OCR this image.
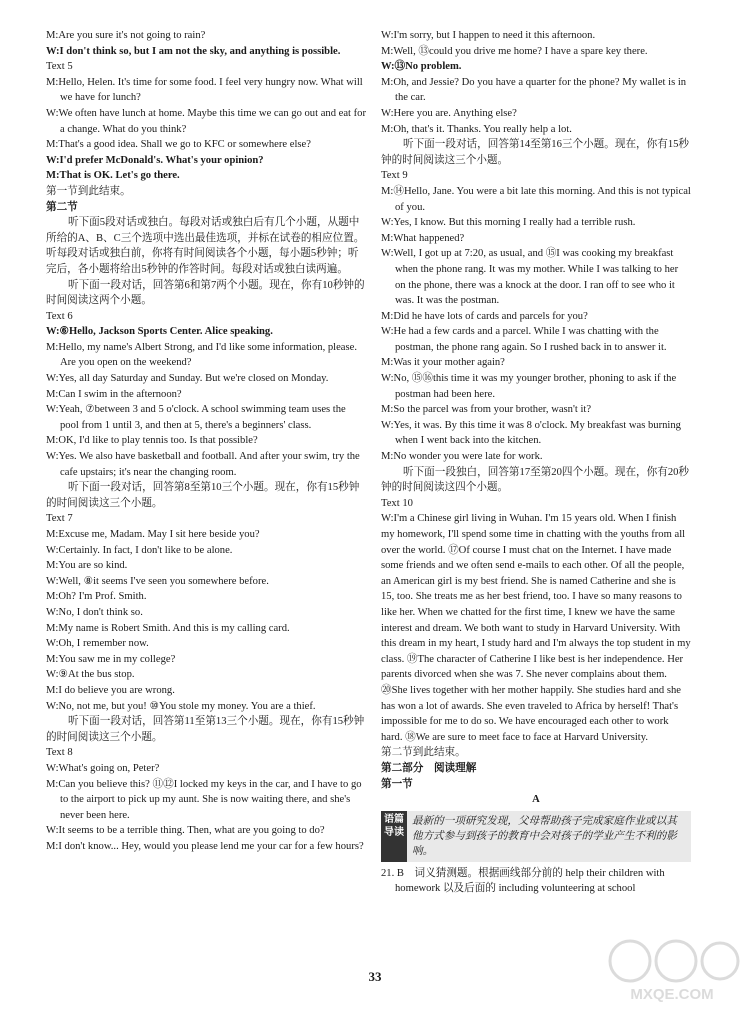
M:Are you sure it's not going to rain?
W:I don't think so, but I am not the sky, and anything is possible.
Text 5
M:Hello, Helen. It's time for some food. I feel very hungry now. What will we have for lunch?
W:We often have lunch at home. Maybe this time we can go out and eat for a change. What do you think?
M:That's a good idea. Shall we go to KFC or somewhere else?
W:I'd prefer McDonald's. What's your opinion?
M:That is OK. Let's go there.
第一节到此结束。
第二节
听下面5段对话或独白。每段对话或独白后有几个小题，从题中所给的A、B、C三个选项中选出最佳选项，并标在试卷的相应位置。听每段对话或独白前，你将有时间阅读各个小题，每小题5秒钟；听完后，各小题将给出5秒钟的作答时间。每段对话或独白读两遍。
听下面一段对话，回答第6和第7两个小题。现在，你有10秒钟的时间阅读这两个小题。
Text 6
W:⑥Hello, Jackson Sports Center. Alice speaking.
M:Hello, my name's Albert Strong, and I'd like some information, please. Are you open on the weekend?
W:Yes, all day Saturday and Sunday. But we're closed on Monday.
M:Can I swim in the afternoon?
W:Yeah, ⑦between 3 and 5 o'clock. A school swimming team uses the pool from 1 until 3, and then at 5, there's a beginners' class.
M:OK, I'd like to play tennis too. Is that possible?
W:Yes. We also have basketball and football. And after your swim, try the cafe upstairs; it's near the changing room.
听下面一段对话，回答第8至第10三个小题。现在，你有15秒钟的时间阅读这三个小题。
Text 7
M:Excuse me, Madam. May I sit here beside you?
W:Certainly. In fact, I don't like to be alone.
M:You are so kind.
W:Well, ⑧it seems I've seen you somewhere before.
M:Oh? I'm Prof. Smith.
W:No, I don't think so.
M:My name is Robert Smith. And this is my calling card.
W:Oh, I remember now.
M:You saw me in my college?
W:⑨At the bus stop.
M:I do believe you are wrong.
W:No, not me, but you! ⑩You stole my money. You are a thief.
听下面一段对话，回答第11至第13三个小题。现在，你有15秒钟的时间阅读这三个小题。
Text 8
W:What's going on, Peter?
M:Can you believe this? ⑪⑫I locked my keys in the car, and I have to go to the airport to pick up my aunt. She is now waiting there, and she's never been here.
W:It seems to be a terrible thing. Then, what are you going to do?
M:I don't know... Hey, would you please lend me your car for a few hours?
W:I'm sorry, but I happen to need it this afternoon.
M:Well, ⑬could you drive me home? I have a spare key there.
W:⑬No problem.
M:Oh, and Jessie? Do you have a quarter for the phone? My wallet is in the car.
W:Here you are. Anything else?
M:Oh, that's it. Thanks. You really help a lot.
听下面一段对话，回答第14至第16三个小题。现在，你有15秒钟的时间阅读这三个小题。
Text 9
M:⑭Hello, Jane. You were a bit late this morning. And this is not typical of you.
W:Yes, I know. But this morning I really had a terrible rush.
M:What happened?
W:Well, I got up at 7:20, as usual, and ⑮I was cooking my breakfast when the phone rang. It was my mother. While I was talking to her on the phone, there was a knock at the door. I ran off to see who it was. It was the postman.
M:Did he have lots of cards and parcels for you?
W:He had a few cards and a parcel. While I was chatting with the postman, the phone rang again. So I rushed back in to answer it.
M:Was it your mother again?
W:No, ⑮⑯this time it was my younger brother, phoning to ask if the postman had been here.
M:So the parcel was from your brother, wasn't it?
W:Yes, it was. By this time it was 8 o'clock. My breakfast was burning when I went back into the kitchen.
M:No wonder you were late for work.
听下面一段独白，回答第17至第20四个小题。现在，你有20秒钟的时间阅读这四个小题。
Text 10
W:I'm a Chinese girl living in Wuhan. I'm 15 years old. When I finish my homework, I'll spend some time in chatting with the youths from all over the world. ⑰Of course I must chat on the Internet. I have made some friends and we often send e-mails to each other. Of all the people, an American girl is my best friend. She is named Catherine and she is 15, too. She treats me as her best friend, too. I have so many reasons to like her. When we chatted for the first time, I knew we have the same interest and dream. We both want to study in Harvard University. With this dream in my heart, I study hard and I'm always the top student in my class. ⑲The character of Catherine I like best is her independence. Her parents divorced when she was 7. She never complains about them. ⑳She lives together with her mother happily. She studies hard and she has won a lot of awards. She even traveled to Africa by herself! That's impossible for me to do so. We have encouraged each other to work hard. ⑱We are sure to meet face to face at Harvard University.
第二节到此结束。
第二部分　阅读理解
第一节
A
语篇导读
最新的一项研究发现，父母帮助孩子完成家庭作业或以其他方式参与到孩子的教育中会对孩子的学业产生不利的影响。
21. B　词义猜测题。根据画线部分前的 help their children with homework 以及后面的 including volunteering at school
33
MXQE.COM
